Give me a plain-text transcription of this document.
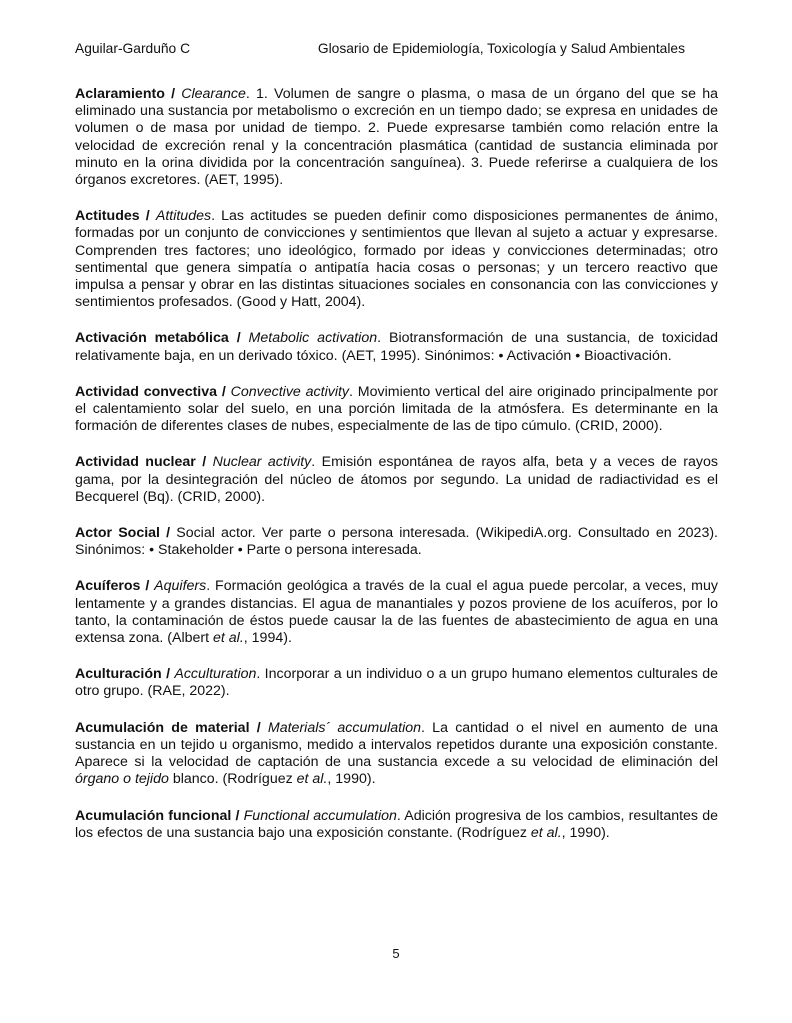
Aguilar-Garduño C	Glosario de Epidemiología, Toxicología y Salud Ambientales

Aclaramiento / Clearance. 1. Volumen de sangre o plasma, o masa de un órgano del que se ha eliminado una sustancia por metabolismo o excreción en un tiempo dado; se expresa en unidades de volumen o de masa por unidad de tiempo. 2. Puede expresarse también como relación entre la velocidad de excreción renal y la concentración plasmática (cantidad de sustancia eliminada por minuto en la orina dividida por la concentración sanguínea). 3. Puede referirse a cualquiera de los órganos excretores. (AET, 1995).

Actitudes / Attitudes. Las actitudes se pueden definir como disposiciones permanentes de ánimo, formadas por un conjunto de convicciones y sentimientos que llevan al sujeto a actuar y expresarse. Comprenden tres factores; uno ideológico, formado por ideas y convicciones determinadas; otro sentimental que genera simpatía o antipatía hacia cosas o personas; y un tercero reactivo que impulsa a pensar y obrar en las distintas situaciones sociales en consonancia con las convicciones y sentimientos profesados. (Good y Hatt, 2004).

Activación metabólica / Metabolic activation. Biotransformación de una sustancia, de toxicidad relativamente baja, en un derivado tóxico. (AET, 1995). Sinónimos: • Activación • Bioactivación.

Actividad convectiva / Convective activity. Movimiento vertical del aire originado principalmente por el calentamiento solar del suelo, en una porción limitada de la atmósfera. Es determinante en la formación de diferentes clases de nubes, especialmente de las de tipo cúmulo. (CRID, 2000).

Actividad nuclear / Nuclear activity. Emisión espontánea de rayos alfa, beta y a veces de rayos gama, por la desintegración del núcleo de átomos por segundo. La unidad de radiactividad es el Becquerel (Bq). (CRID, 2000).

Actor Social / Social actor. Ver parte o persona interesada. (WikipediA.org. Consultado en 2023). Sinónimos: • Stakeholder • Parte o persona interesada.

Acuíferos / Aquifers. Formación geológica a través de la cual el agua puede percolar, a veces, muy lentamente y a grandes distancias. El agua de manantiales y pozos proviene de los acuíferos, por lo tanto, la contaminación de éstos puede causar la de las fuentes de abastecimiento de agua en una extensa zona. (Albert et al., 1994).

Aculturación / Acculturation. Incorporar a un individuo o a un grupo humano elementos culturales de otro grupo. (RAE, 2022).

Acumulación de material / Materials´ accumulation. La cantidad o el nivel en aumento de una sustancia en un tejido u organismo, medido a intervalos repetidos durante una exposición constante. Aparece si la velocidad de captación de una sustancia excede a su velocidad de eliminación del órgano o tejido blanco. (Rodríguez et al., 1990).

Acumulación funcional / Functional accumulation. Adición progresiva de los cambios, resultantes de los efectos de una sustancia bajo una exposición constante. (Rodríguez et al., 1990).

5
